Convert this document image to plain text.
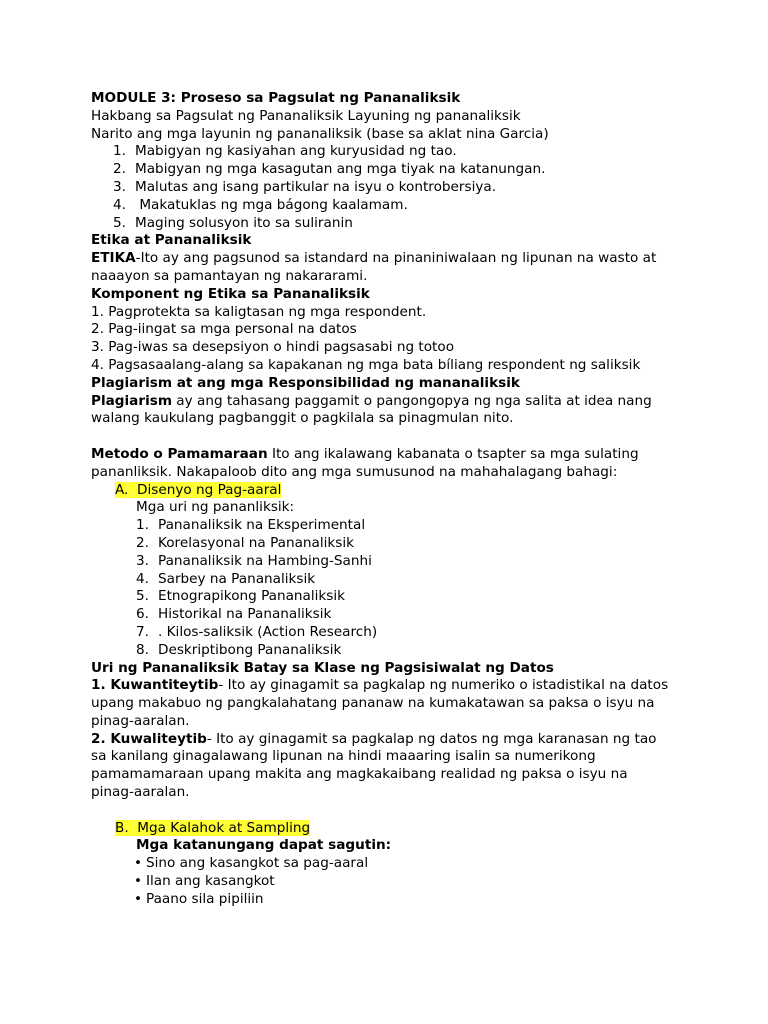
MODULE 3: Proseso sa Pagsulat ng Pananaliksik

Hakbang sa Pagsulat ng Pananaliksik Layuning ng pananaliksik

Narito ang mga layunin ng pananaliksik (base sa aklat nina Garcia)

1. Mabigyan ng kasiyahan ang kuryusidad ng tao.
2. Mabigyan ng mga kasagutan ang mga tiyak na katanungan.
3. Malutas ang isang partikular na isyu o kontrobersiya.
4. Makatuklas ng mga bágong kaalamam.
5. Maging solusyon ito sa suliranin

Etika at Pananaliksik

ETIKA-Ito ay ang pagsunod sa istandard na pinaniniwalaan ng lipunan na wasto at

naaayon sa pamantayan ng nakararami.

Komponent ng Etika sa Pananaliksik

1. Pagprotekta sa kaligtasan ng mga respondent.

2. Pag-iingat sa mga personal na datos

3. Pag-iwas sa desepsiyon o hindi pagsasabi ng totoo

4. Pagsasaalang-alang sa kapakanan ng mga bata bíliang respondent ng saliksik

Plagiarism at ang mga Responsibilidad ng mananaliksik

Plagiarism ay ang tahasang paggamit o pangongopya ng nga salita at idea nang

walang kaukulang pagbanggit o pagkilala sa pinagmulan nito.

Metodo o Pamamaraan Ito ang ikalawang kabanata o tsapter sa mga sulating

pananliksik. Nakapaloob dito ang mga sumusunod na mahahalagang bahagi:

A.  Disenyo ng Pag-aaral

Mga uri ng pananliksik:

1. Pananaliksik na Eksperimental
2. Korelasyonal na Pananaliksik
3. Pananaliksik na Hambing-Sanhi
4. Sarbey na Pananaliksik
5. Etnograpikong Pananaliksik
6. Historikal na Pananaliksik
7. . Kilos-saliksik (Action Research)
8. Deskriptibong Pananaliksik

Uri ng Pananaliksik Batay sa Klase ng Pagsisiwalat ng Datos

1. Kuwantiteytib- Ito ay ginagamit sa pagkalap ng numeriko o istadistikal na datos

upang makabuo ng pangkalahatang pananaw na kumakatawan sa paksa o isyu na

pinag-aaralan.

2. Kuwaliteytib- Ito ay ginagamit sa pagkalap ng datos ng mga karanasan ng tao

sa kanilang ginagalawang lipunan na hindi maaaring isalin sa numerikong

pamamamaraan upang makita ang magkakaibang realidad ng paksa o isyu na

pinag-aaralan.

B.  Mga Kalahok at Sampling

Mga katanungang dapat sagutin:

• Sino ang kasangkot sa pag-aaral
• Ilan ang kasangkot
• Paano sila pipiliin
